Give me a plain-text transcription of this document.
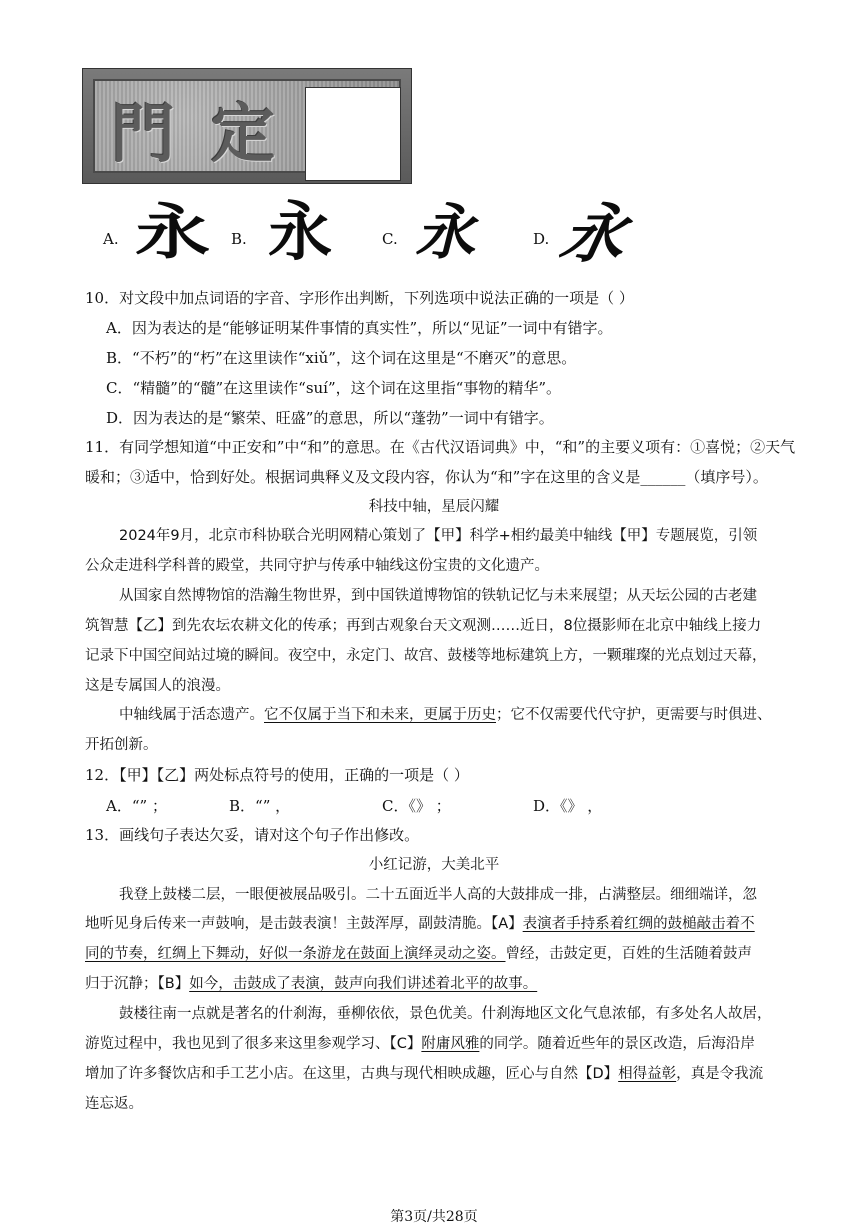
門 定
A. 永 B. 永	C. 永	D. 永
10．对文段中加点词语的字音、字形作出判断，下列选项中说法正确的一项是（ ）
A．因为表达的是“能够证明某件事情的真实性”，所以“见证”一词中有错字。
B．“不朽”的“朽”在这里读作“xiǔ”，这个词在这里是“不磨灭”的意思。
C．“精髓”的“髓”在这里读作“suí”，这个词在这里指“事物的精华”。
D．因为表达的是“繁荣、旺盛”的意思，所以“蓬勃”一词中有错字。
11．有同学想知道“中正安和”中“和”的意思。在《古代汉语词典》中，“和”的主要义项有：①喜悦；②天气
暖和；③适中，恰到好处。根据词典释义及文段内容，你认为“和”字在这里的含义是______（填序号）。
科技中轴，星辰闪耀
2024年9月，北京市科协联合光明网精心策划了【甲】科学+相约最美中轴线【甲】专题展览，引领
公众走进科学科普的殿堂，共同守护与传承中轴线这份宝贵的文化遗产。
从国家自然博物馆的浩瀚生物世界，到中国铁道博物馆的铁轨记忆与未来展望；从天坛公园的古老建
筑智慧【乙】到先农坛农耕文化的传承；再到古观象台天文观测……近日，8位摄影师在北京中轴线上接力
记录下中国空间站过境的瞬间。夜空中，永定门、故宫、鼓楼等地标建筑上方，一颗璀璨的光点划过天幕，
这是专属国人的浪漫。
中轴线属于活态遗产。它不仅属于当下和未来，更属于历史；它不仅需要代代守护，更需要与时俱进、
开拓创新。
12．【甲】【乙】两处标点符号的使用，正确的一项是（ ）
A．“” ；	B．“” ，	C．《》 ；	D．《》 ，
13．画线句子表达欠妥，请对这个句子作出修改。
小红记游，大美北平
我登上鼓楼二层，一眼便被展品吸引。二十五面近半人高的大鼓排成一排，占满整层。细细端详，忽
地听见身后传来一声鼓响，是击鼓表演！主鼓浑厚，副鼓清脆。【A】表演者手持系着红绸的鼓槌敲击着不
同的节奏，红绸上下舞动，好似一条游龙在鼓面上演绎灵动之姿。曾经，击鼓定更，百姓的生活随着鼓声
归于沉静；【B】如今，击鼓成了表演，鼓声向我们讲述着北平的故事。
鼓楼往南一点就是著名的什刹海，垂柳依依，景色优美。什刹海地区文化气息浓郁，有多处名人故居，
游览过程中，我也见到了很多来这里参观学习、【C】附庸风雅的同学。随着近些年的景区改造，后海沿岸
增加了许多餐饮店和手工艺小店。在这里，古典与现代相映成趣，匠心与自然【D】相得益彰，真是令我流
连忘返。
第3页/共28页
